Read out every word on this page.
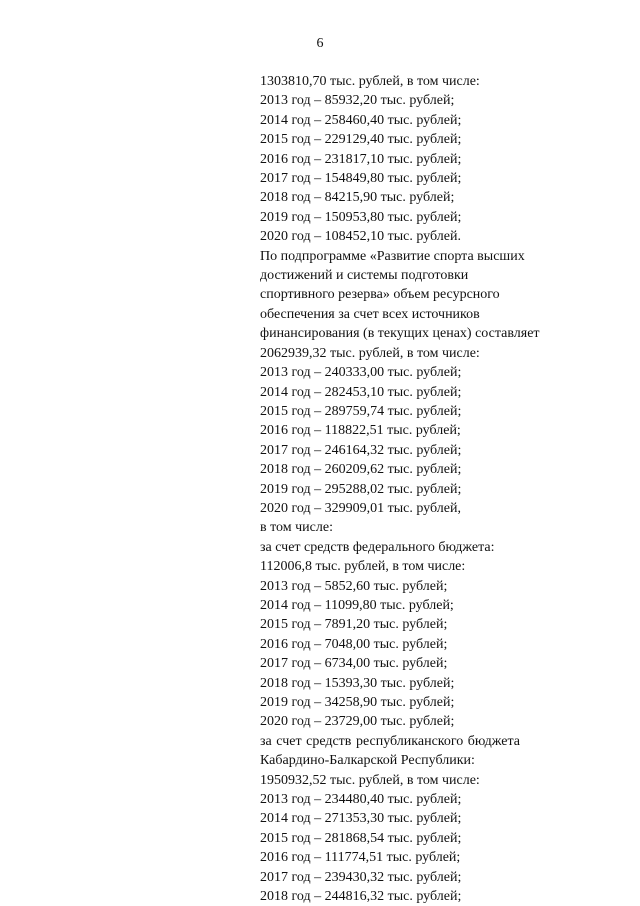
6
1303810,70 тыс. рублей, в том числе:
2013 год – 85932,20 тыс. рублей;
2014 год – 258460,40 тыс. рублей;
2015 год – 229129,40 тыс. рублей;
2016 год – 231817,10 тыс. рублей;
2017 год – 154849,80 тыс. рублей;
2018 год – 84215,90 тыс. рублей;
2019 год – 150953,80 тыс. рублей;
2020 год – 108452,10 тыс. рублей.
По подпрограмме «Развитие спорта высших
достижений и системы подготовки
спортивного резерва» объем ресурсного
обеспечения за счет всех источников
финансирования (в текущих ценах) составляет
2062939,32 тыс. рублей, в том числе:
2013 год – 240333,00 тыс. рублей;
2014 год – 282453,10 тыс. рублей;
2015 год – 289759,74 тыс. рублей;
2016 год – 118822,51 тыс. рублей;
2017 год – 246164,32 тыс. рублей;
2018 год – 260209,62 тыс. рублей;
2019 год – 295288,02 тыс. рублей;
2020 год – 329909,01 тыс. рублей,
в том числе:
за счет средств федерального бюджета:
112006,8 тыс. рублей, в том числе:
2013 год – 5852,60 тыс. рублей;
2014 год – 11099,80 тыс. рублей;
2015 год – 7891,20 тыс. рублей;
2016 год – 7048,00 тыс. рублей;
2017 год – 6734,00 тыс. рублей;
2018 год – 15393,30 тыс. рублей;
2019 год – 34258,90 тыс. рублей;
2020 год – 23729,00 тыс. рублей;
за счет средств республиканского бюджета
Кабардино-Балкарской Республики:
1950932,52 тыс. рублей, в том числе:
2013 год – 234480,40 тыс. рублей;
2014 год – 271353,30 тыс. рублей;
2015 год – 281868,54 тыс. рублей;
2016 год – 111774,51 тыс. рублей;
2017 год – 239430,32 тыс. рублей;
2018 год – 244816,32 тыс. рублей;
